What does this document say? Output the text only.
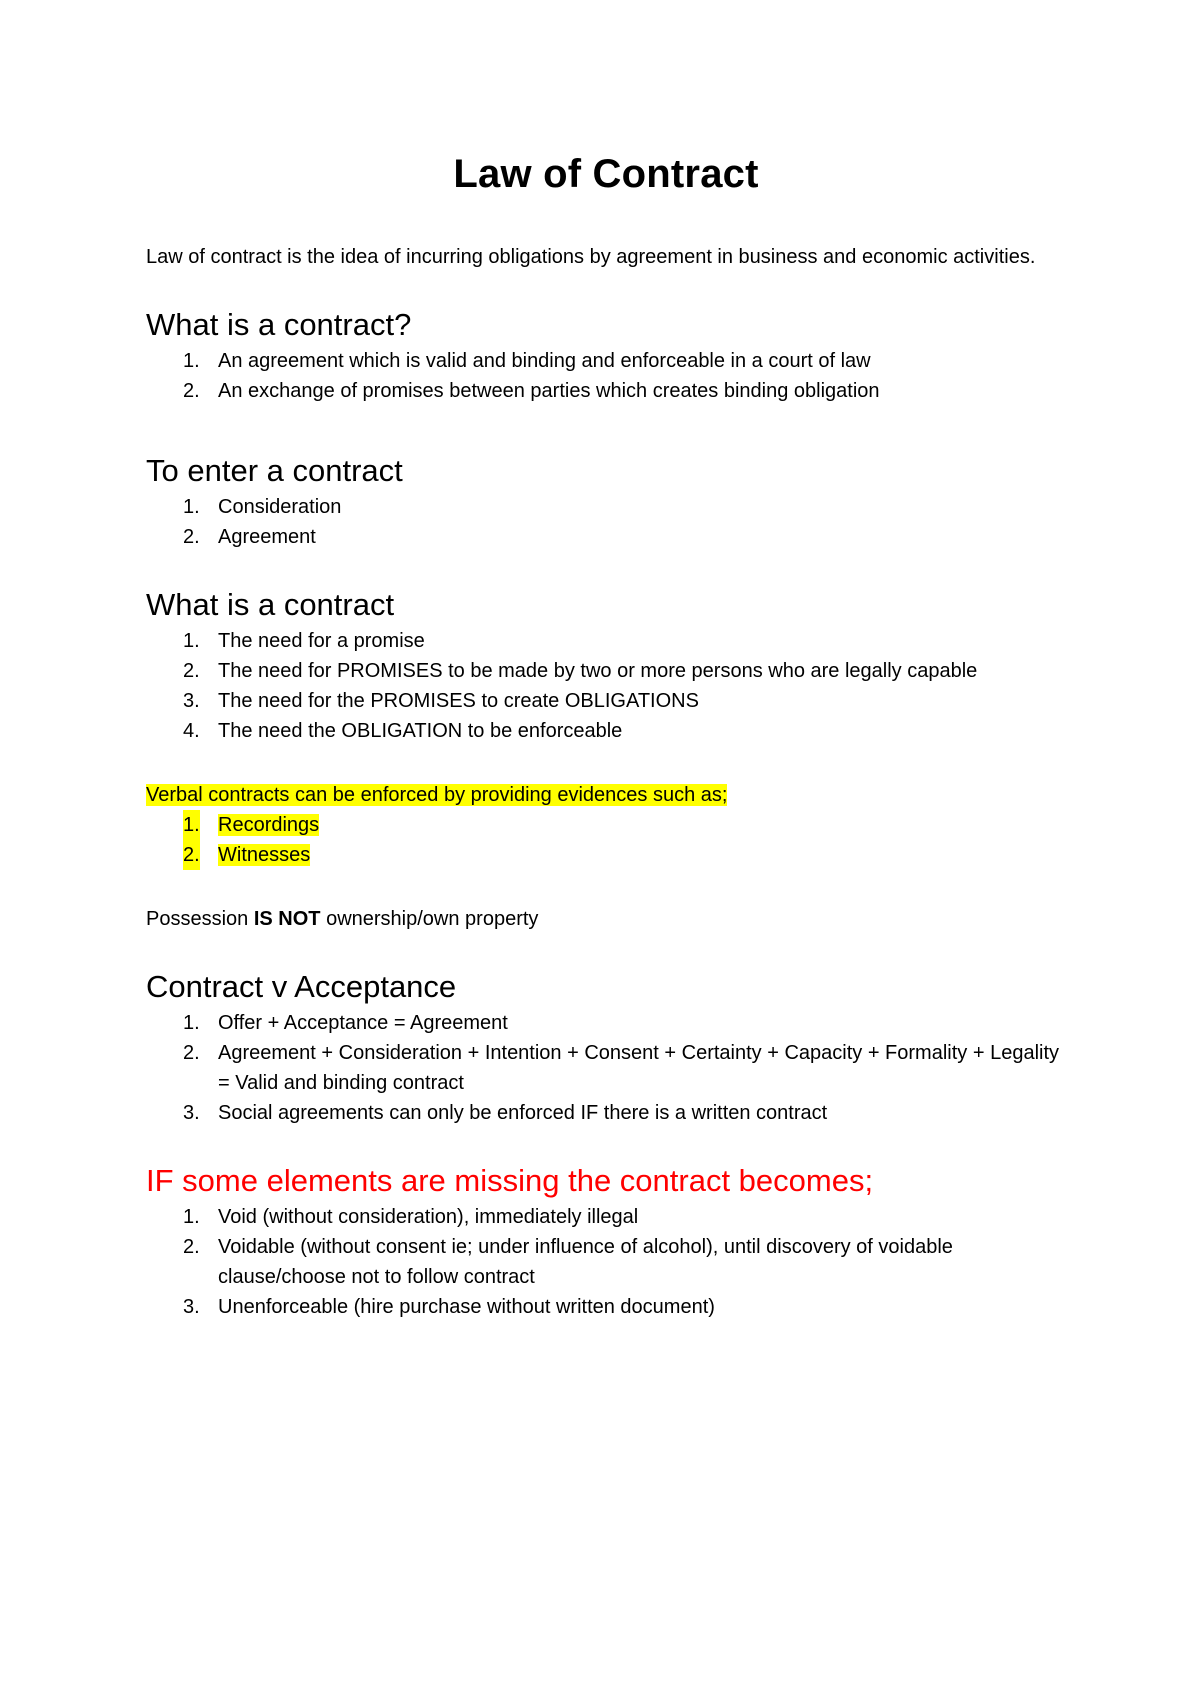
Law of Contract

Law of contract is the idea of incurring obligations by agreement in business and economic activities.

What is a contract?
1. An agreement which is valid and binding and enforceable in a court of law
2. An exchange of promises between parties which creates binding obligation
To enter a contract
1. Consideration
2. Agreement
What is a contract
1. The need for a promise
2. The need for PROMISES to be made by two or more persons who are legally capable
3. The need for the PROMISES to create OBLIGATIONS
4. The need the OBLIGATION to be enforceable

Verbal contracts can be enforced by providing evidences such as;

1. Recordings
2. Witnesses

Possession IS NOT ownership/own property

Contract v Acceptance
1. Offer + Acceptance = Agreement
2. Agreement + Consideration + Intention + Consent + Certainty + Capacity + Formality + Legality = Valid and binding contract
3. Social agreements can only be enforced IF there is a written contract
IF some elements are missing the contract becomes;
1. Void (without consideration), immediately illegal
2. Voidable (without consent ie; under influence of alcohol), until discovery of voidable clause/choose not to follow contract
3. Unenforceable (hire purchase without written document)
